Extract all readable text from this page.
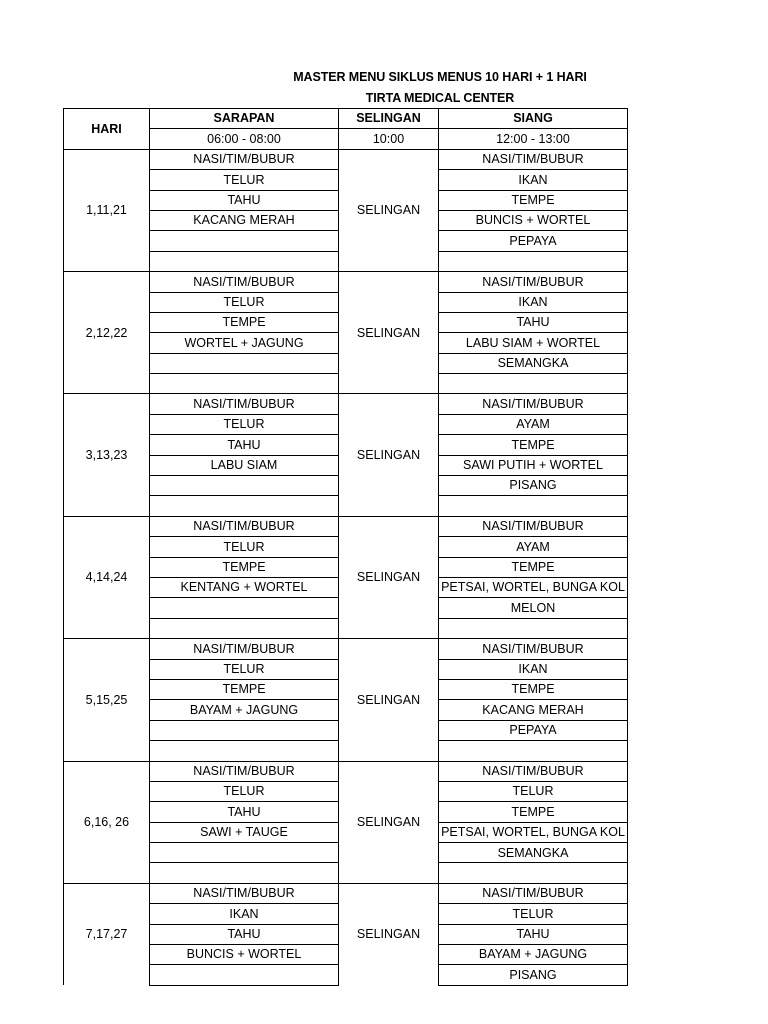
MASTER MENU SIKLUS MENUS 10 HARI + 1 HARI
TIRTA MEDICAL CENTER
HARI	SARAPAN	SELINGAN	SIANG
	06:00 - 08:00	10:00	12:00 - 13:00
1,11,21	NASI/TIM/BUBUR	SELINGAN	NASI/TIM/BUBUR
	TELUR		IKAN
	TAHU		TEMPE
	KACANG MERAH		BUNCIS + WORTEL
			PEPAYA

2,12,22	NASI/TIM/BUBUR	SELINGAN	NASI/TIM/BUBUR
	TELUR		IKAN
	TEMPE		TAHU
	WORTEL + JAGUNG		LABU SIAM + WORTEL
			SEMANGKA

3,13,23	NASI/TIM/BUBUR	SELINGAN	NASI/TIM/BUBUR
	TELUR		AYAM
	TAHU		TEMPE
	LABU SIAM		SAWI PUTIH + WORTEL
			PISANG

4,14,24	NASI/TIM/BUBUR	SELINGAN	NASI/TIM/BUBUR
	TELUR		AYAM
	TEMPE		TEMPE
	KENTANG + WORTEL		PETSAI, WORTEL, BUNGA KOL
			MELON

5,15,25	NASI/TIM/BUBUR	SELINGAN	NASI/TIM/BUBUR
	TELUR		IKAN
	TEMPE		TEMPE
	BAYAM + JAGUNG		KACANG MERAH
			PEPAYA

6,16, 26	NASI/TIM/BUBUR	SELINGAN	NASI/TIM/BUBUR
	TELUR		TELUR
	TAHU		TEMPE
	SAWI + TAUGE		PETSAI, WORTEL, BUNGA KOL
			SEMANGKA

7,17,27	NASI/TIM/BUBUR	SELINGAN	NASI/TIM/BUBUR
	IKAN		TELUR
	TAHU		TAHU
	BUNCIS + WORTEL		BAYAM + JAGUNG
			PISANG
